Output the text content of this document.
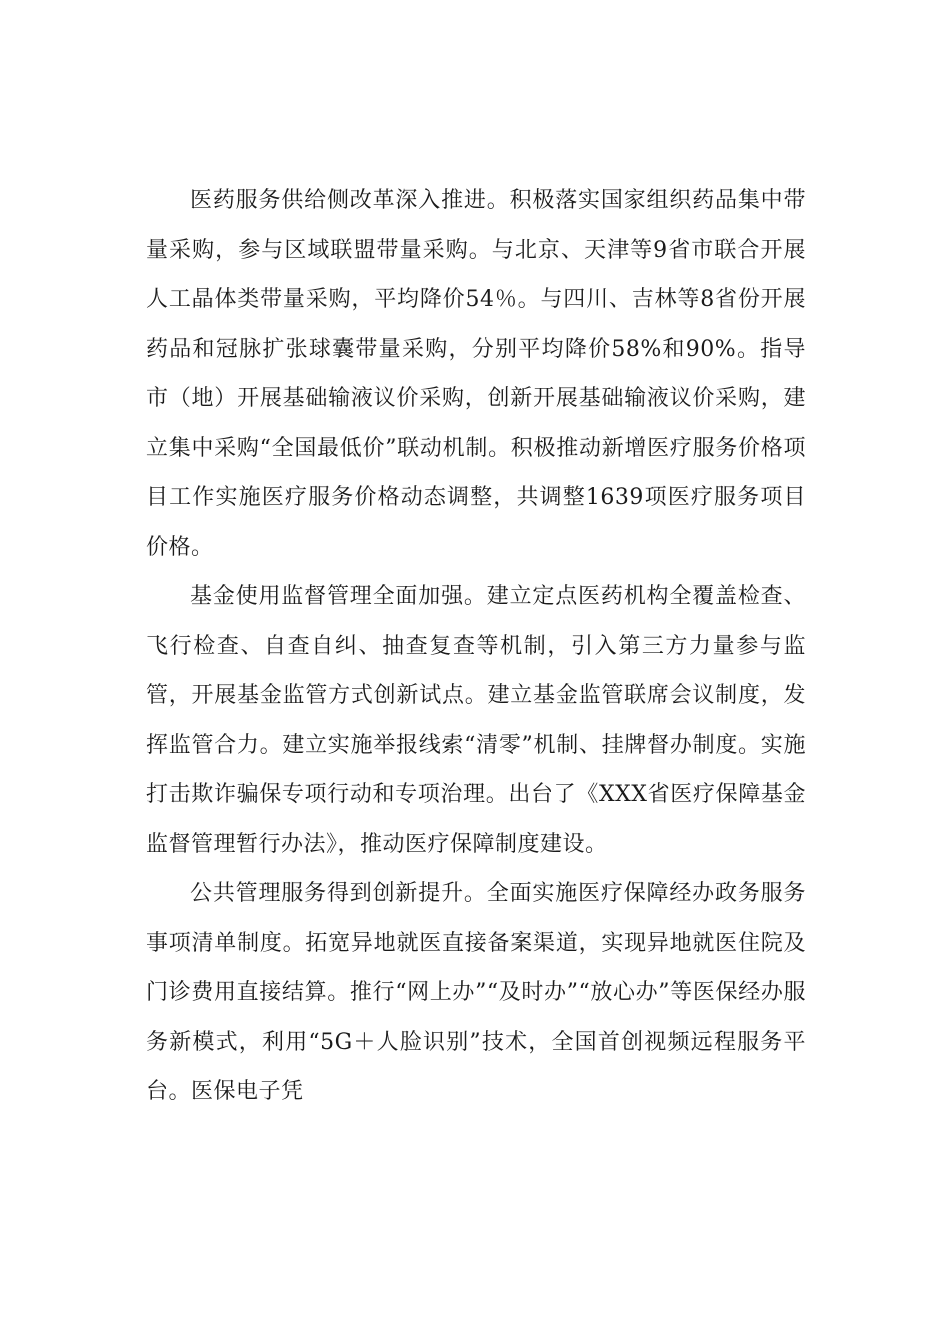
医药服务供给侧改革深入推进。积极落实国家组织药品集中带量采购，参与区域联盟带量采购。与北京、天津等9省市联合开展人工晶体类带量采购，平均降价54％。与四川、吉林等8省份开展药品和冠脉扩张球囊带量采购，分别平均降价58%和90%。指导市（地）开展基础输液议价采购，创新开展基础输液议价采购，建立集中采购“全国最低价”联动机制。积极推动新增医疗服务价格项目工作实施医疗服务价格动态调整，共调整1639项医疗服务项目价格。

基金使用监督管理全面加强。建立定点医药机构全覆盖检查、飞行检查、自查自纠、抽查复查等机制，引入第三方力量参与监管，开展基金监管方式创新试点。建立基金监管联席会议制度，发挥监管合力。建立实施举报线索“清零”机制、挂牌督办制度。实施打击欺诈骗保专项行动和专项治理。出台了《XXX省医疗保障基金监督管理暂行办法》，推动医疗保障制度建设。

公共管理服务得到创新提升。全面实施医疗保障经办政务服务事项清单制度。拓宽异地就医直接备案渠道，实现异地就医住院及门诊费用直接结算。推行“网上办”“及时办”“放心办”等医保经办服务新模式，利用“5G＋人脸识别”技术，全国首创视频远程服务平台。医保电子凭
